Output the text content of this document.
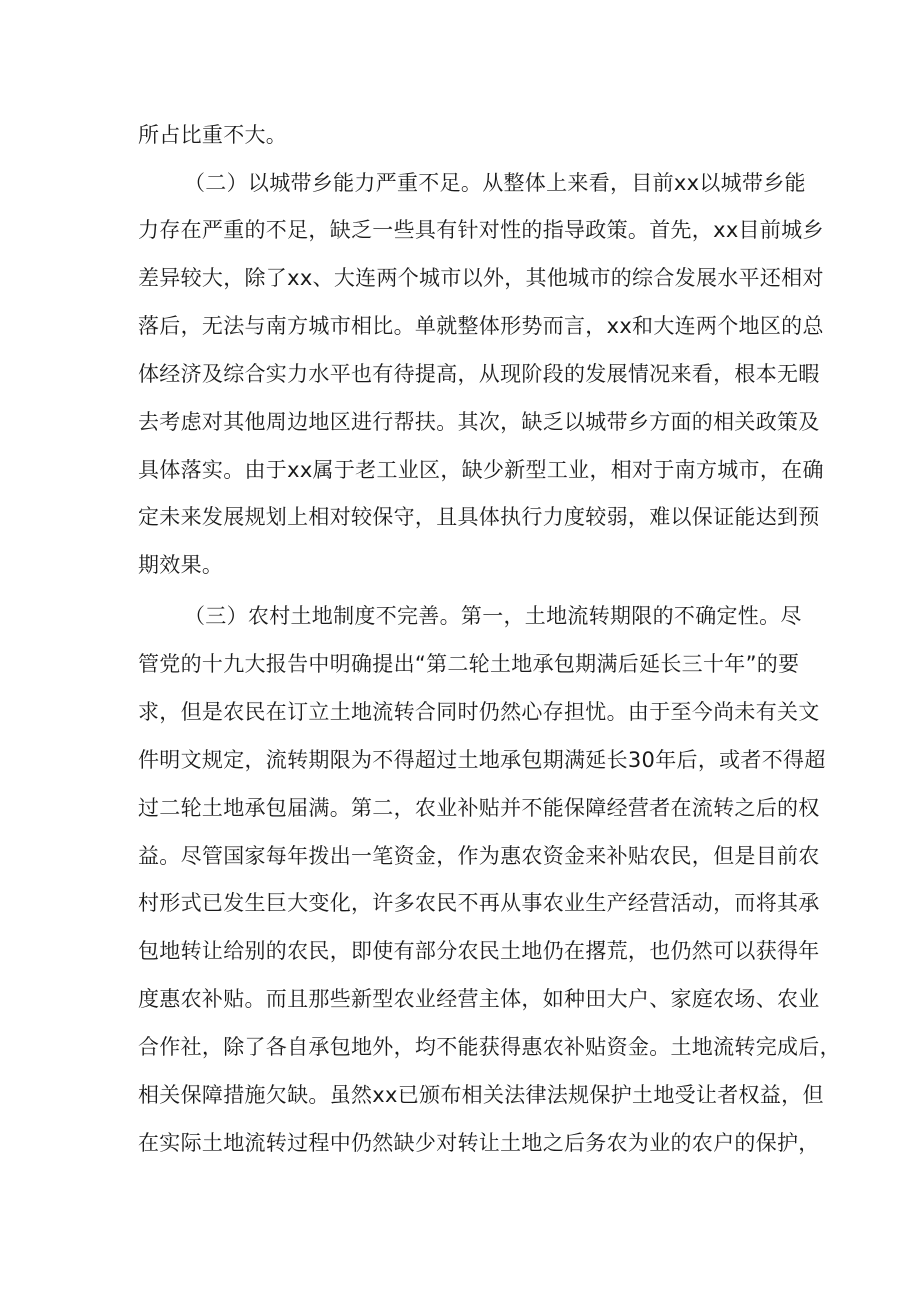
所占比重不大。
（二）以城带乡能力严重不足。从整体上来看，目前xx以城带乡能
力存在严重的不足，缺乏一些具有针对性的指导政策。首先，xx目前城乡
差异较大，除了xx、大连两个城市以外，其他城市的综合发展水平还相对
落后，无法与南方城市相比。单就整体形势而言，xx和大连两个地区的总
体经济及综合实力水平也有待提高，从现阶段的发展情况来看，根本无暇
去考虑对其他周边地区进行帮扶。其次，缺乏以城带乡方面的相关政策及
具体落实。由于xx属于老工业区，缺少新型工业，相对于南方城市，在确
定未来发展规划上相对较保守，且具体执行力度较弱，难以保证能达到预
期效果。
（三）农村土地制度不完善。第一，土地流转期限的不确定性。尽
管党的十九大报告中明确提出“第二轮土地承包期满后延长三十年”的要
求，但是农民在订立土地流转合同时仍然心存担忧。由于至今尚未有关文
件明文规定，流转期限为不得超过土地承包期满延长30年后，或者不得超
过二轮土地承包届满。第二，农业补贴并不能保障经营者在流转之后的权
益。尽管国家每年拨出一笔资金，作为惠农资金来补贴农民，但是目前农
村形式已发生巨大变化，许多农民不再从事农业生产经营活动，而将其承
包地转让给别的农民，即使有部分农民土地仍在撂荒，也仍然可以获得年
度惠农补贴。而且那些新型农业经营主体，如种田大户、家庭农场、农业
合作社，除了各自承包地外，均不能获得惠农补贴资金。土地流转完成后，
相关保障措施欠缺。虽然xx已颁布相关法律法规保护土地受让者权益，但
在实际土地流转过程中仍然缺少对转让土地之后务农为业的农户的保护，
